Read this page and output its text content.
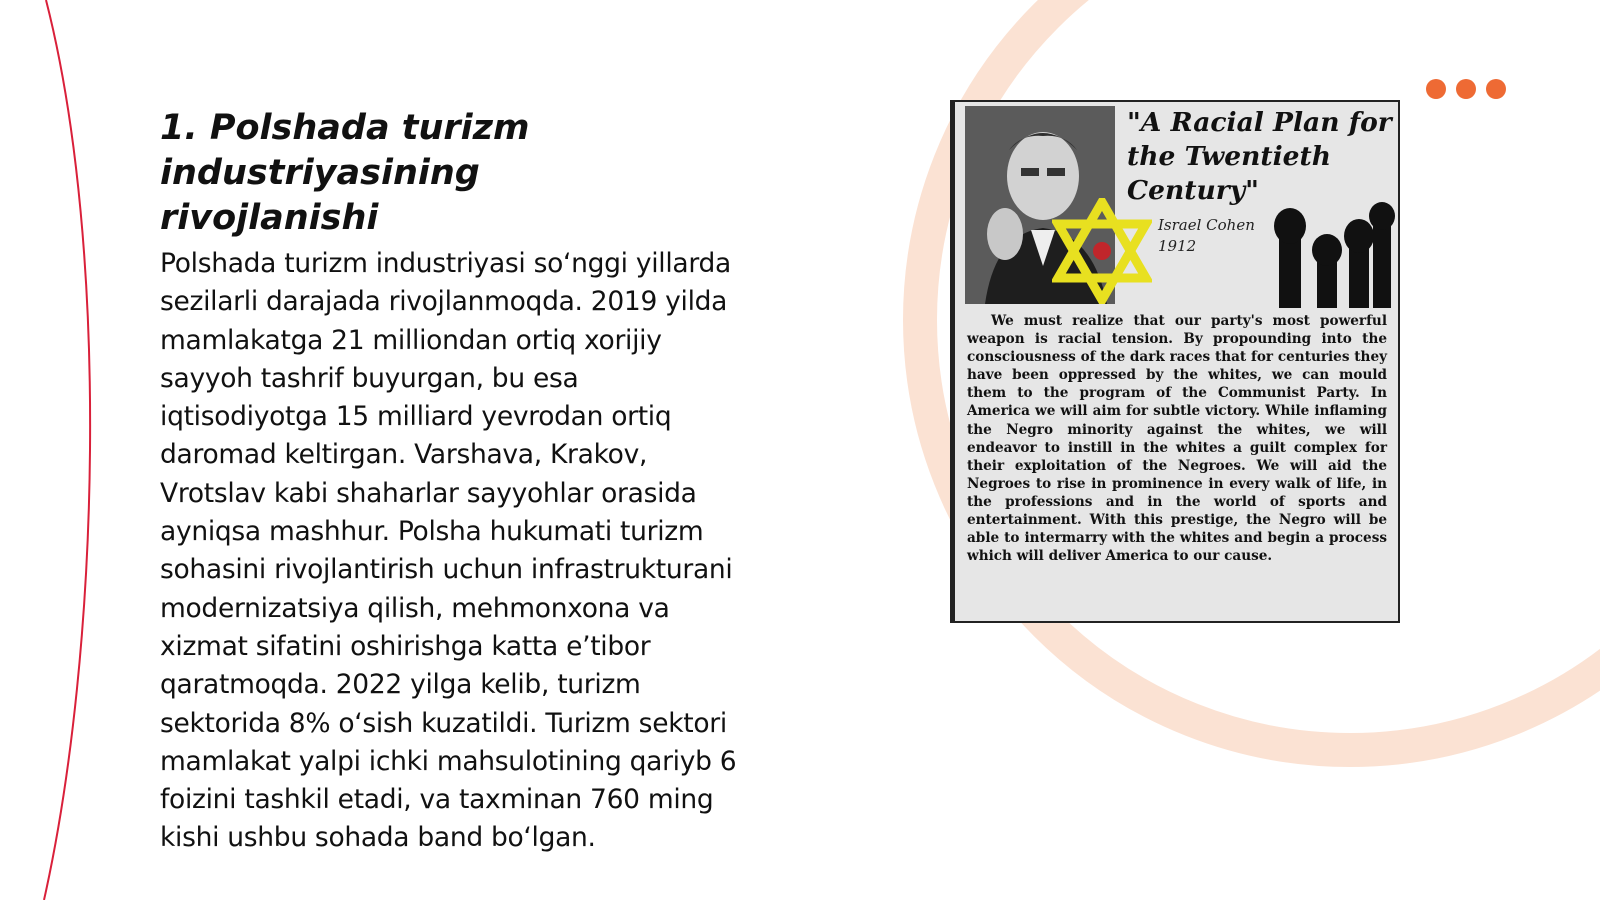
1. Polshada turizm industriyasining
rivojlanishi

Polshada turizm industriyasi so‘nggi yillarda
sezilarli darajada rivojlanmoqda. 2019 yilda
mamlakatga 21 milliondan ortiq xorijiy
sayyoh tashrif buyurgan, bu esa
iqtisodiyotga 15 milliard yevrodan ortiq
daromad keltirgan. Varshava, Krakov,
Vrotslav kabi shaharlar sayyohlar orasida
ayniqsa mashhur. Polsha hukumati turizm
sohasini rivojlantirish uchun infrastrukturani
modernizatsiya qilish, mehmonxona va
xizmat sifatini oshirishga katta e’tibor
qaratmoqda. 2022 yilga kelib, turizm
sektorida 8% o‘sish kuzatildi. Turizm sektori
mamlakat yalpi ichki mahsulotining qariyb 6
foizini tashkil etadi, va taxminan 760 ming
kishi ushbu sohada band bo‘lgan.

"A Racial Plan for
the Twentieth
Century"
Israel Cohen
1912

We must realize that our party's most powerful weapon is racial tension. By propounding into the consciousness of the dark races that for centuries they have been oppressed by the whites, we can mould them to the program of the Communist Party. In America we will aim for subtle victory. While inflaming the Negro minority against the whites, we will endeavor to instill in the whites a guilt complex for their exploitation of the Negroes. We will aid the Negroes to rise in prominence in every walk of life, in the professions and in the world of sports and entertainment. With this prestige, the Negro will be able to intermarry with the whites and begin a process which will deliver America to our cause.
